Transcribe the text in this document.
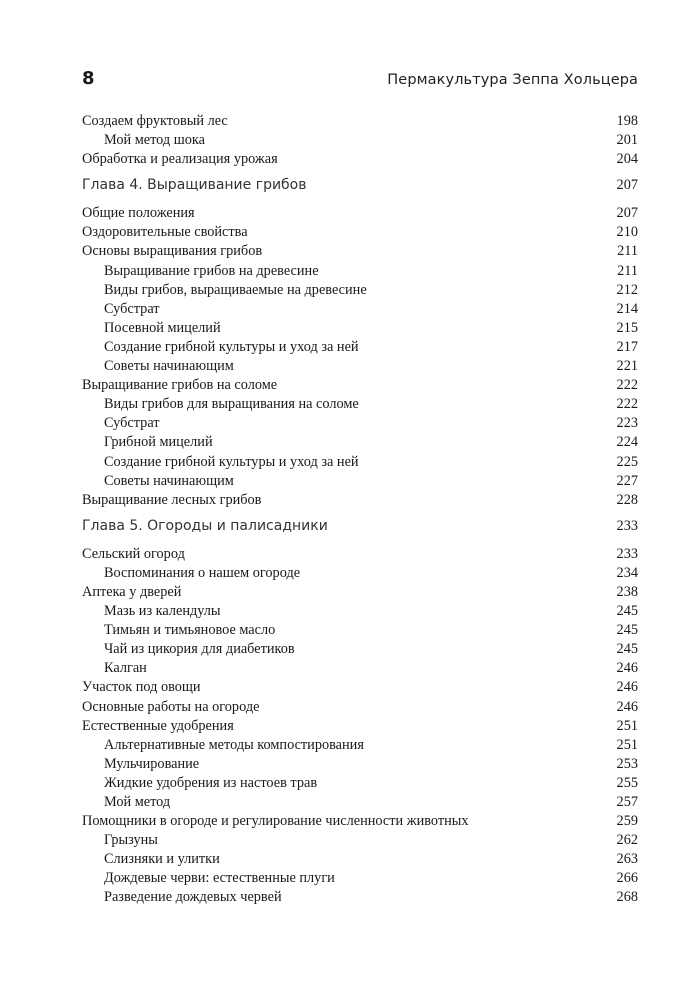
8	Пермакультура Зеппа Хольцера
Создаем фруктовый лес	198
Мой метод шока	201
Обработка и реализация урожая	204
Глава 4. Выращивание грибов	207
Общие положения	207
Оздоровительные свойства	210
Основы выращивания грибов	211
Выращивание грибов на древесине	211
Виды грибов, выращиваемые на древесине	212
Субстрат	214
Посевной мицелий	215
Создание грибной культуры и уход за ней	217
Советы начинающим	221
Выращивание грибов на соломе	222
Виды грибов для выращивания на соломе	222
Субстрат	223
Грибной мицелий	224
Создание грибной культуры и уход за ней	225
Советы начинающим	227
Выращивание лесных грибов	228
Глава 5. Огороды и палисадники	233
Сельский огород	233
Воспоминания о нашем огороде	234
Аптека у дверей	238
Мазь из календулы	245
Тимьян и тимьяновое масло	245
Чай из цикория для диабетиков	245
Калган	246
Участок под овощи	246
Основные работы на огороде	246
Естественные удобрения	251
Альтернативные методы компостирования	251
Мульчирование	253
Жидкие удобрения из настоев трав	255
Мой метод	257
Помощники в огороде и регулирование численности животных	259
Грызуны	262
Слизняки и улитки	263
Дождевые черви: естественные плуги	266
Разведение дождевых червей	268
